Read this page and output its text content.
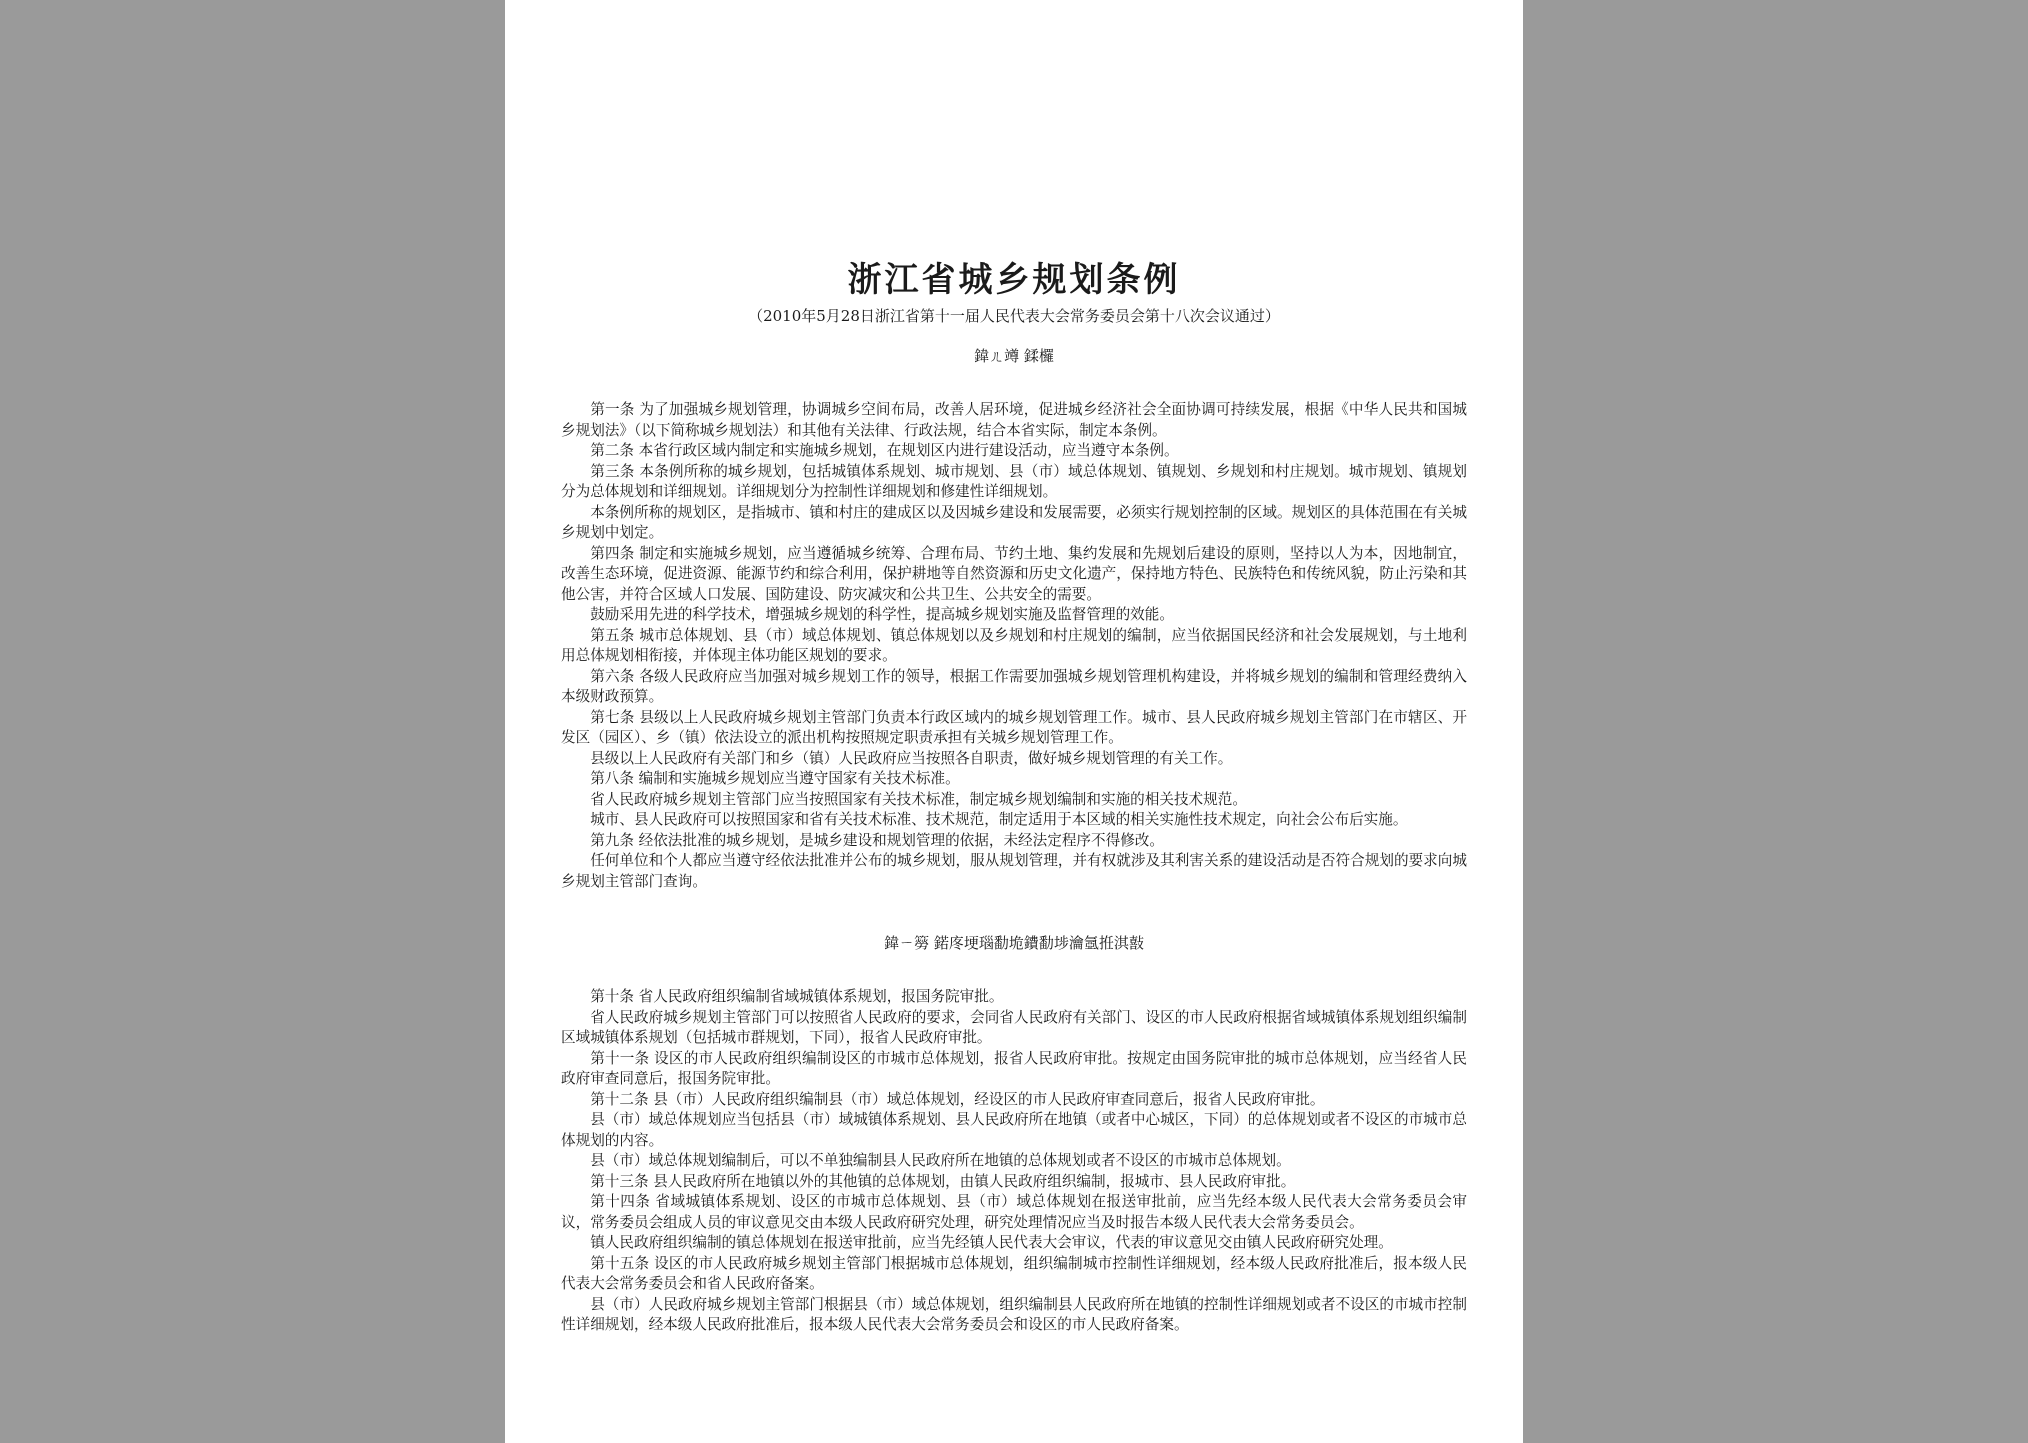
浙江省城乡规划条例
（2010年5月28日浙江省第十一届人民代表大会常务委员会第十八次会议通过）
鍏ㄦ竴 鍒欏

第一条 为了加强城乡规划管理，协调城乡空间布局，改善人居环境，促进城乡经济社会全面协调可持续发展，根据《中华人民共和国城乡规划法》（以下简称城乡规划法）和其他有关法律、行政法规，结合本省实际，制定本条例。

第二条 本省行政区域内制定和实施城乡规划，在规划区内进行建设活动，应当遵守本条例。

第三条 本条例所称的城乡规划，包括城镇体系规划、城市规划、县（市）域总体规划、镇规划、乡规划和村庄规划。城市规划、镇规划分为总体规划和详细规划。详细规划分为控制性详细规划和修建性详细规划。

本条例所称的规划区，是指城市、镇和村庄的建成区以及因城乡建设和发展需要，必须实行规划控制的区域。规划区的具体范围在有关城乡规划中划定。

第四条 制定和实施城乡规划，应当遵循城乡统筹、合理布局、节约土地、集约发展和先规划后建设的原则，坚持以人为本，因地制宜，改善生态环境，促进资源、能源节约和综合利用，保护耕地等自然资源和历史文化遗产，保持地方特色、民族特色和传统风貌，防止污染和其他公害，并符合区域人口发展、国防建设、防灾减灾和公共卫生、公共安全的需要。

鼓励采用先进的科学技术，增强城乡规划的科学性，提高城乡规划实施及监督管理的效能。

第五条 城市总体规划、县（市）域总体规划、镇总体规划以及乡规划和村庄规划的编制，应当依据国民经济和社会发展规划，与土地利用总体规划相衔接，并体现主体功能区规划的要求。

第六条 各级人民政府应当加强对城乡规划工作的领导，根据工作需要加强城乡规划管理机构建设，并将城乡规划的编制和管理经费纳入本级财政预算。

第七条 县级以上人民政府城乡规划主管部门负责本行政区域内的城乡规划管理工作。城市、县人民政府城乡规划主管部门在市辖区、开发区（园区）、乡（镇）依法设立的派出机构按照规定职责承担有关城乡规划管理工作。

县级以上人民政府有关部门和乡（镇）人民政府应当按照各自职责，做好城乡规划管理的有关工作。

第八条 编制和实施城乡规划应当遵守国家有关技术标准。

省人民政府城乡规划主管部门应当按照国家有关技术标准，制定城乡规划编制和实施的相关技术规范。

城市、县人民政府可以按照国家和省有关技术标准、技术规范，制定适用于本区域的相关实施性技术规定，向社会公布后实施。

第九条 经依法批准的城乡规划，是城乡建设和规划管理的依据，未经法定程序不得修改。

任何单位和个人都应当遵守经依法批准并公布的城乡规划，服从规划管理，并有权就涉及其利害关系的建设活动是否符合规划的要求向城乡规划主管部门查询。

鍏ㄧ簩 鍩庝埂瑙勫垝鐨勫埗瀹氬拰淇敼

第十条 省人民政府组织编制省域城镇体系规划，报国务院审批。

省人民政府城乡规划主管部门可以按照省人民政府的要求，会同省人民政府有关部门、设区的市人民政府根据省域城镇体系规划组织编制区域城镇体系规划（包括城市群规划，下同），报省人民政府审批。

第十一条 设区的市人民政府组织编制设区的市城市总体规划，报省人民政府审批。按规定由国务院审批的城市总体规划，应当经省人民政府审查同意后，报国务院审批。

第十二条 县（市）人民政府组织编制县（市）域总体规划，经设区的市人民政府审查同意后，报省人民政府审批。

县（市）域总体规划应当包括县（市）域城镇体系规划、县人民政府所在地镇（或者中心城区，下同）的总体规划或者不设区的市城市总体规划的内容。

县（市）域总体规划编制后，可以不单独编制县人民政府所在地镇的总体规划或者不设区的市城市总体规划。

第十三条 县人民政府所在地镇以外的其他镇的总体规划，由镇人民政府组织编制，报城市、县人民政府审批。

第十四条 省域城镇体系规划、设区的市城市总体规划、县（市）域总体规划在报送审批前，应当先经本级人民代表大会常务委员会审议，常务委员会组成人员的审议意见交由本级人民政府研究处理，研究处理情况应当及时报告本级人民代表大会常务委员会。

镇人民政府组织编制的镇总体规划在报送审批前，应当先经镇人民代表大会审议，代表的审议意见交由镇人民政府研究处理。

第十五条 设区的市人民政府城乡规划主管部门根据城市总体规划，组织编制城市控制性详细规划，经本级人民政府批准后，报本级人民代表大会常务委员会和省人民政府备案。

县（市）人民政府城乡规划主管部门根据县（市）域总体规划，组织编制县人民政府所在地镇的控制性详细规划或者不设区的市城市控制性详细规划，经本级人民政府批准后，报本级人民代表大会常务委员会和设区的市人民政府备案。
